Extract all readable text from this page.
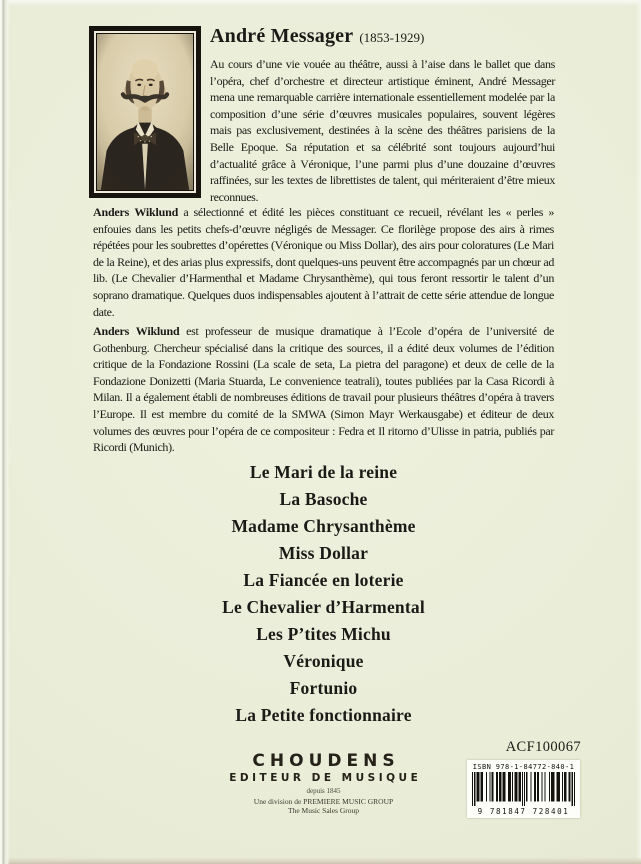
André Messager (1853-1929)

Au cours d’une vie vouée au théâtre, aussi à l’aise dans le ballet que dans l’opéra, chef d’orchestre et directeur artistique éminent, André Messager mena une remarquable carrière internationale essentiellement modelée par la composition d’une série d’œuvres musicales populaires, souvent légères mais pas exclusivement, destinées à la scène des théâtres parisiens de la Belle Epoque. Sa réputation et sa célébrité sont toujours aujourd’hui d’actualité grâce à Véronique, l’une parmi plus d’une douzaine d’œuvres raffinées, sur les textes de librettistes de talent, qui mériteraient d’être mieux reconnues.

Anders Wiklund a sélectionné et édité les pièces constituant ce recueil, révélant les « perles » enfouies dans les petits chefs-d’œuvre négligés de Messager. Ce florilège propose des airs à rimes répétées pour les soubrettes d’opérettes (Véronique ou Miss Dollar), des airs pour coloratures (Le Mari de la Reine), et des arias plus expressifs, dont quelques-uns peuvent être accompagnés par un chœur ad lib. (Le Chevalier d’Harmenthal et Madame Chrysanthème), qui tous feront ressortir le talent d’un soprano dramatique. Quelques duos indispensables ajoutent à l’attrait de cette série attendue de longue date.

Anders Wiklund est professeur de musique dramatique à l’Ecole d’opéra de l’université de Gothenburg. Chercheur spécialisé dans la critique des sources, il a édité deux volumes de l’édition critique de la Fondazione Rossini (La scale de seta, La pietra del paragone) et deux de celle de la Fondazione Donizetti (Maria Stuarda, Le convenience teatrali), toutes publiées par la Casa Ricordi à Milan. Il a également établi de nombreuses éditions de travail pour plusieurs théâtres d’opéra à travers l’Europe. Il est membre du comité de la SMWA (Simon Mayr Werkausgabe) et éditeur de deux volumes des œuvres pour l’opéra de ce compositeur : Fedra et Il ritorno d’Ulisse in patria, publiés par Ricordi (Munich).

Le Mari de la reine
La Basoche
Madame Chrysanthème
Miss Dollar
La Fiancée en loterie
Le Chevalier d’Harmental
Les P’tites Michu
Véronique
Fortunio
La Petite fonctionnaire
CHOUDENS
EDITEUR DE MUSIQUE
depuis 1845
Une division de PREMIERE MUSIC GROUP
The Music Sales Group
ACF100067
ISBN 978-1-84772-840-1
9 781847 728401
